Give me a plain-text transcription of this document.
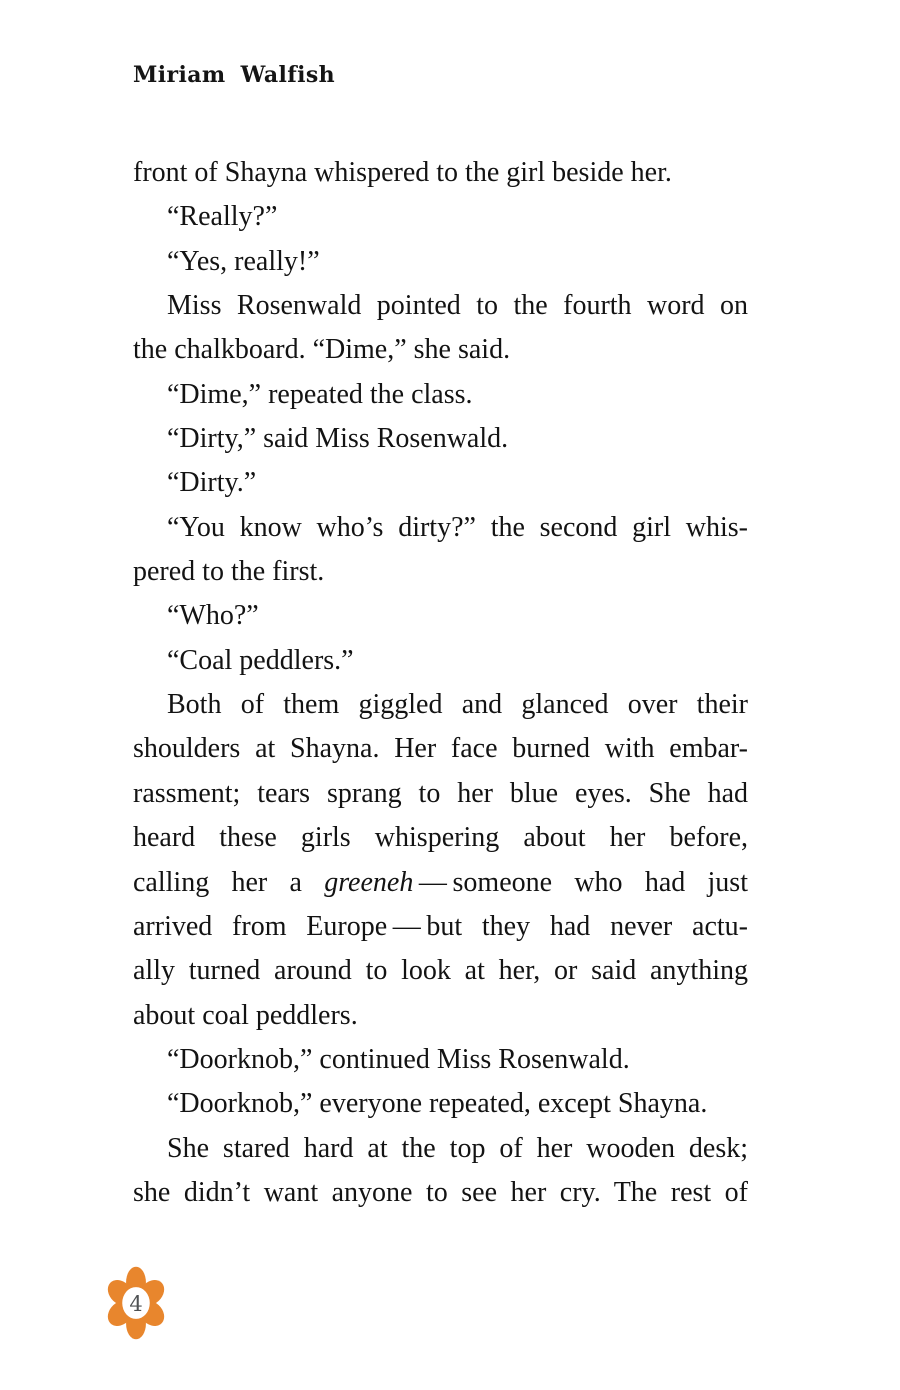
Miriam Walfish
front of Shayna whispered to the girl beside her.
“Really?”
“Yes, really!”
Miss Rosenwald pointed to the fourth word on
the chalkboard. “Dime,” she said.
“Dime,” repeated the class.
“Dirty,” said Miss Rosenwald.
“Dirty.”
“You know who’s dirty?” the second girl whis-
pered to the first.
“Who?”
“Coal peddlers.”
Both of them giggled and glanced over their
shoulders at Shayna. Her face burned with embar-
rassment; tears sprang to her blue eyes. She had
heard these girls whispering about her before,
calling her a greeneh — someone who had just
arrived from Europe — but they had never actu-
ally turned around to look at her, or said anything
about coal peddlers.
“Doorknob,” continued Miss Rosenwald.
“Doorknob,” everyone repeated, except Shayna.
She stared hard at the top of her wooden desk;
she didn’t want anyone to see her cry. The rest of
4
